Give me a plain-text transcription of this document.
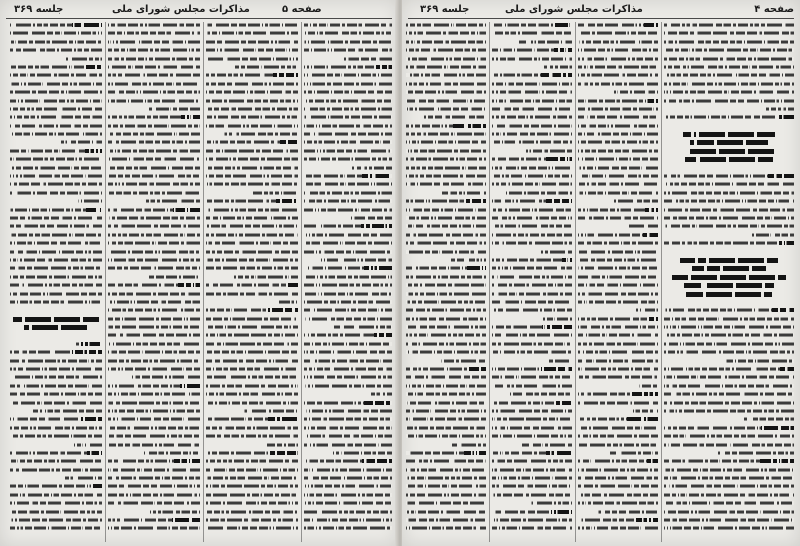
جلسه ۳۶۹	مذاکرات مجلس شورای ملی	صفحه ۵	جلسه ۳۶۹	مذاکرات مجلس شورای ملی	صفحه ۴
